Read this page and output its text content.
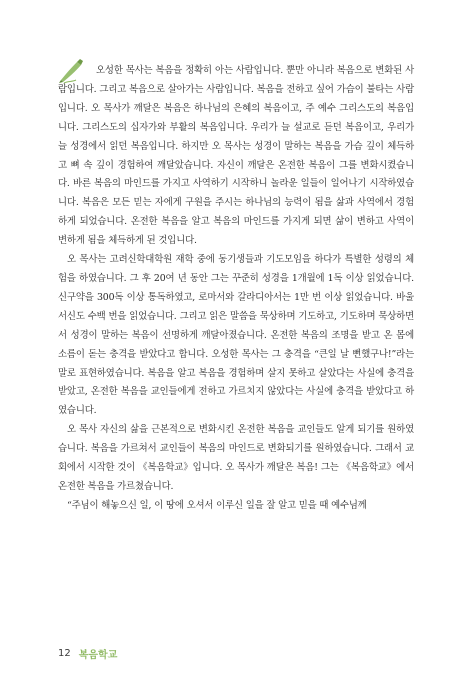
오성한 목사는 복음을 정확히 아는 사람입니다. 뿐만 아니라 복음으로 변화된 사람입니다. 그리고 복음으로 살아가는 사람입니다. 복음을 전하고 싶어 가슴이 불타는 사람입니다. 오 목사가 깨달은 복음은 하나님의 은혜의 복음이고, 주 예수 그리스도의 복음입니다. 그리스도의 십자가와 부활의 복음입니다. 우리가 늘 설교로 듣던 복음이고, 우리가 늘 성경에서 읽던 복음입니다. 하지만 오 목사는 성경이 말하는 복음을 가슴 깊이 체득하고 뼈 속 깊이 경험하여 깨달았습니다. 자신이 깨달은 온전한 복음이 그를 변화시켰습니다. 바른 복음의 마인드를 가지고 사역하기 시작하니 놀라운 일들이 일어나기 시작하였습니다. 복음은 모든 믿는 자에게 구원을 주시는 하나님의 능력이 됨을 삶과 사역에서 경험하게 되었습니다. 온전한 복음을 알고 복음의 마인드를 가지게 되면 삶이 변하고 사역이 변하게 됨을 체득하게 된 것입니다.

오 목사는 고려신학대학원 재학 중에 동기생들과 기도모임을 하다가 특별한 성령의 체험을 하였습니다. 그 후 20여 년 동안 그는 꾸준히 성경을 1개월에 1독 이상 읽었습니다. 신구약을 300독 이상 통독하였고, 로마서와 갈라디아서는 1만 번 이상 읽었습니다. 바울 서신도 수백 번을 읽었습니다. 그리고 읽은 말씀을 묵상하며 기도하고, 기도하며 묵상하면서 성경이 말하는 복음이 선명하게 깨달아졌습니다. 온전한 복음의 조명을 받고 온 몸에 소름이 돋는 충격을 받았다고 합니다. 오성한 목사는 그 충격을 “큰일 날 뻔했구나!”라는 말로 표현하였습니다. 복음을 알고 복음을 경험하며 살지 못하고 살았다는 사실에 충격을 받았고, 온전한 복음을 교인들에게 전하고 가르치지 않았다는 사실에 충격을 받았다고 하였습니다.

오 목사 자신의 삶을 근본적으로 변화시킨 온전한 복음을 교인들도 알게 되기를 원하였습니다. 복음을 가르쳐서 교인들이 복음의 마인드로 변화되기를 원하였습니다. 그래서 교회에서 시작한 것이 《복음학교》입니다. 오 목사가 깨달은 복음! 그는 《복음학교》에서 온전한 복음을 가르쳤습니다.

“주님이 해놓으신 일, 이 땅에 오셔서 이루신 일을 잘 알고 믿을 때 예수님께

12 복음학교
